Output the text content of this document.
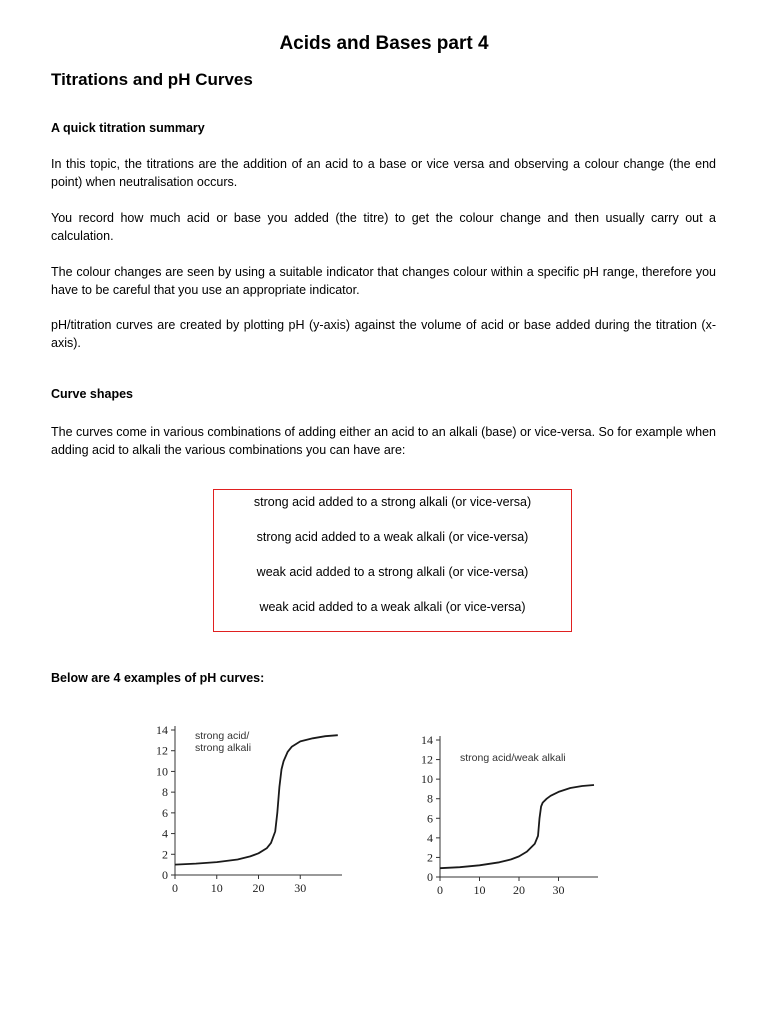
Acids and Bases part 4
Titrations and pH Curves
A quick titration summary
In this topic, the titrations are the addition of an acid to a base or vice versa and observing a colour change (the end point) when neutralisation occurs.
You record how much acid or base you added (the titre) to get the colour change and then usually carry out a calculation.
The colour changes are seen by using a suitable indicator that changes colour within a specific pH range, therefore you have to be careful that you use an appropriate indicator.
pH/titration curves are created by plotting pH (y-axis) against the volume of acid or base added during the titration (x-axis).
Curve shapes
The curves come in various combinations of adding either an acid to an alkali (base) or vice-versa. So for example when adding acid to alkali the various combinations you can have are:
strong acid added to a strong alkali (or vice-versa)
strong acid added to a weak alkali (or vice-versa)
weak acid added to a strong alkali (or vice-versa)
weak acid added to a weak alkali (or vice-versa)
Below are 4 examples of pH curves:
0
2
4
6
8
10
12
14
0	10 20 30
strong acid/
strong alkali
0
2
4
6
8
10
12
14
0	10 20 30
strong acid/weak alkali
